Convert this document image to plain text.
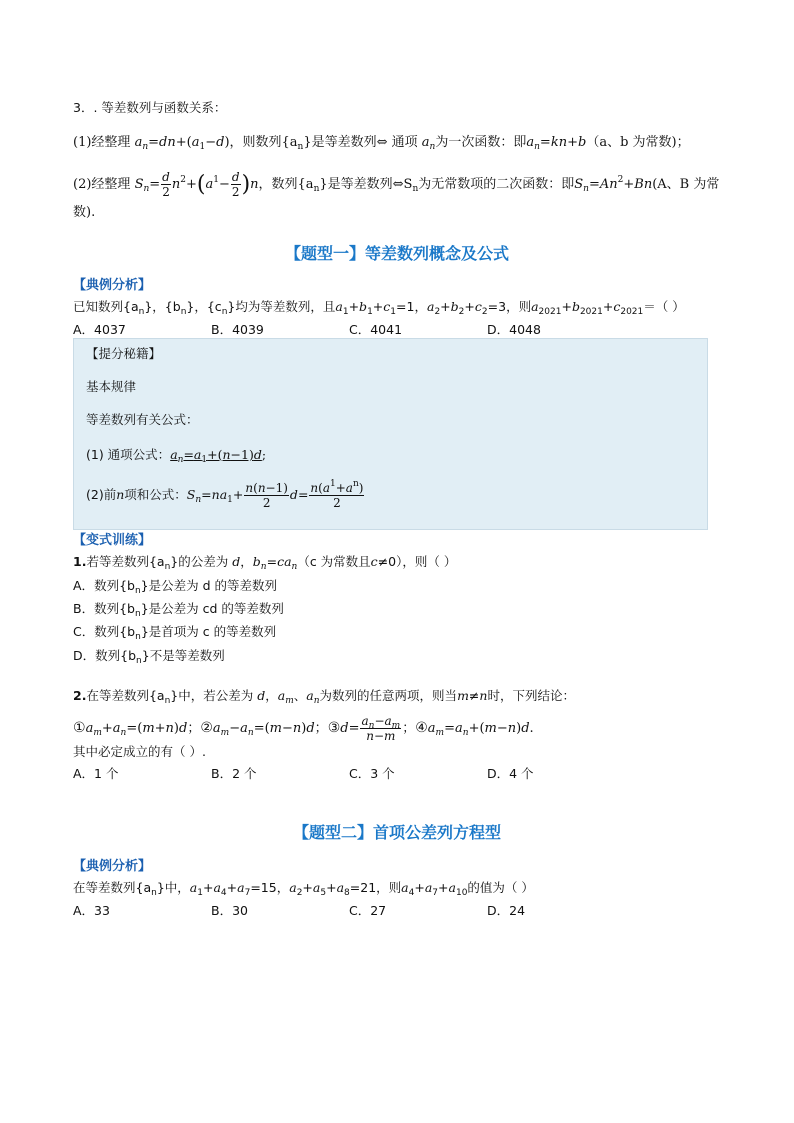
3．. 等差数列与函数关系：
(1)经整理 $a_n=dn+(a_1-d)$，则数列$\{a_n\}$是等差数列⇔ 通项 $a_n$为一次函数：即$a_n=kn+b(a$、b 为常数)；
(2)经整理 $S_n= \frac{d}{2} n^2+(a^1- \frac{d}{2} )n$，数列$\{a_n\}$是等差数列$\Leftrightarrow S_n$为无常数项的二次函数：即$S_n=An^2+Bn(A$、B 为常
数).
【题型一】等差数列概念及公式
【典例分析】
已知数列$\{a_n\}$，$\{b_n\}$，$\{c_n\}$均为等差数列，且$a_1+b_1+c_1=1$，$a_2+b_2+c_2=3$，则$a_{2021}+b_{2021}+c_{2021}=$（ ）
A．4037	B．4039	C．4041	D．4048
【提分秘籍】
基本规律
等差数列有关公式：
(1) 通项公式：$a_n=a_1+(n-1)d$;
(2)前n项和公式：$S_n=na_1+ \frac{n(n-1)}{2} d= \frac{n(a^1+a^n)}{2}$
【变式训练】
1.若等差数列$\{a_n\}$的公差为 d，$b_n=ca_n(c$ 为常数且c≠0），则（ ）
A．数列$\{b_n\}$是公差为 d 的等差数列
B．数列$\{b_n\}$是公差为 cd 的等差数列
C．数列$\{b_n\}$是首项为 c 的等差数列
D．数列$\{b_n\}$不是等差数列
2.在等差数列$\{a_n\}$中，若公差为 d，$a_m$、$a_n$为数列的任意两项，则当m≠n时，下列结论：
$①a_m+a_n=(m+n)d$；$②a_m-a_n=(m-n)d$；③d= $\frac{a_n-a_m}{n-m}$ ；$④a_m=a_n+(m-n)d$.
其中必定成立的有（ ）.
A．1 个	B．2 个	C．3 个	D．4 个
【题型二】首项公差列方程型
【典例分析】
在等差数列$\{a_n\}$中，$a_1+a_4+a_7=15$，$a_2+a_5+a_8=21$，则$a_4+a_7+a_{10}$的值为（ ）
A．33	B．30	C．27	D．24
